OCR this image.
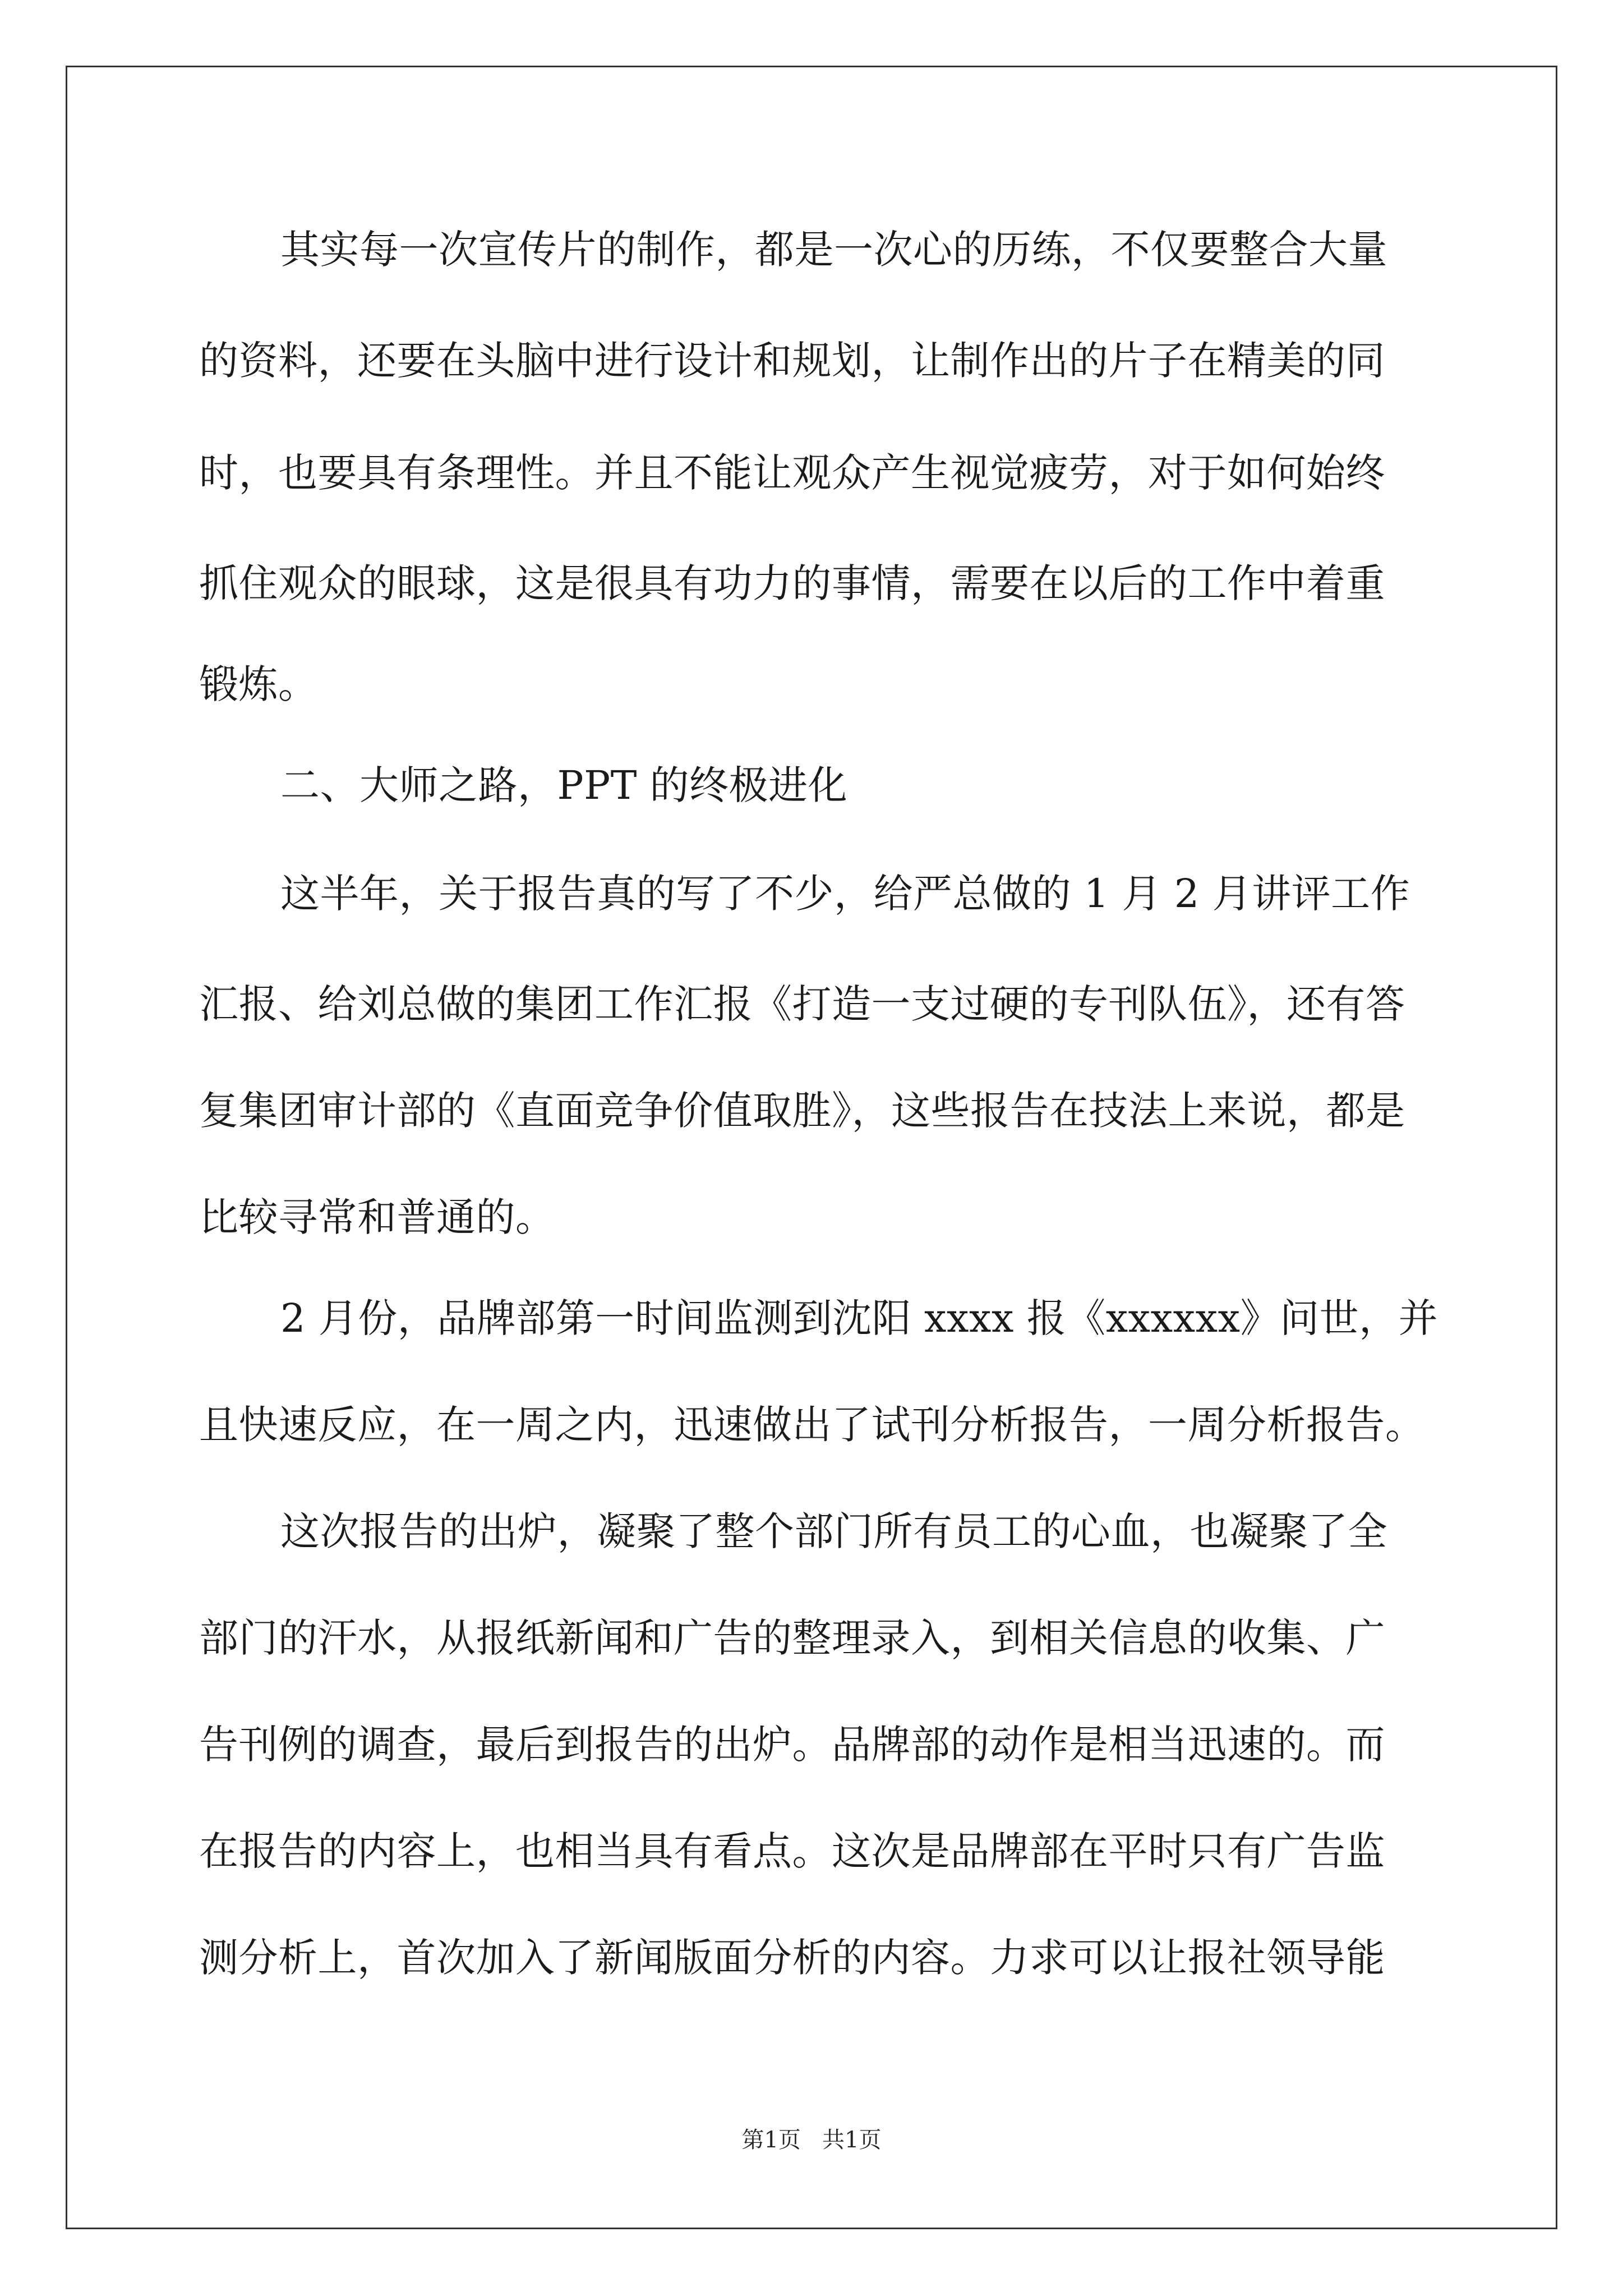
其实每一次宣传片的制作，都是一次心的历练，不仅要整合大量
的资料，还要在头脑中进行设计和规划，让制作出的片子在精美的同
时，也要具有条理性。并且不能让观众产生视觉疲劳，对于如何始终
抓住观众的眼球，这是很具有功力的事情，需要在以后的工作中着重
锻炼。
二、大师之路，PPT 的终极进化
这半年，关于报告真的写了不少，给严总做的 1 月 2 月讲评工作
汇报、给刘总做的集团工作汇报《打造一支过硬的专刊队伍》，还有答
复集团审计部的《直面竞争价值取胜》，这些报告在技法上来说，都是
比较寻常和普通的。
2 月份，品牌部第一时间监测到沈阳 xxxx 报《xxxxxx》问世，并
且快速反应，在一周之内，迅速做出了试刊分析报告，一周分析报告。
这次报告的出炉，凝聚了整个部门所有员工的心血，也凝聚了全
部门的汗水，从报纸新闻和广告的整理录入，到相关信息的收集、广
告刊例的调查，最后到报告的出炉。品牌部的动作是相当迅速的。而
在报告的内容上，也相当具有看点。这次是品牌部在平时只有广告监
测分析上，首次加入了新闻版面分析的内容。力求可以让报社领导能
第1页   共1页
